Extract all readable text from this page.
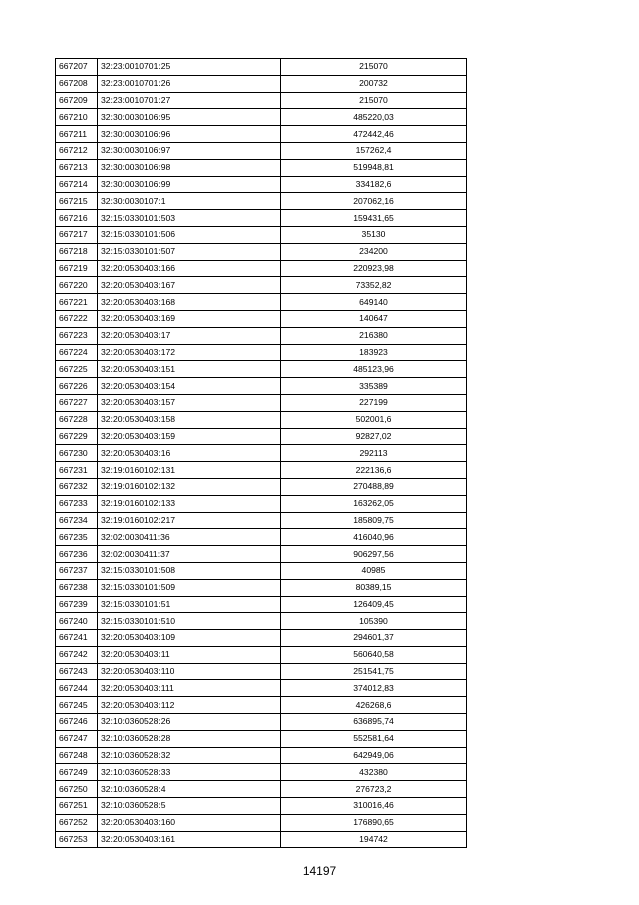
667207	32:23:0010701:25	215070
667208	32:23:0010701:26	200732
667209	32:23:0010701:27	215070
667210	32:30:0030106:95	485220,03
667211	32:30:0030106:96	472442,46
667212	32:30:0030106:97	157262,4
667213	32:30:0030106:98	519948,81
667214	32:30:0030106:99	334182,6
667215	32:30:0030107:1	207062,16
667216	32:15:0330101:503	159431,65
667217	32:15:0330101:506	35130
667218	32:15:0330101:507	234200
667219	32:20:0530403:166	220923,98
667220	32:20:0530403:167	73352,82
667221	32:20:0530403:168	649140
667222	32:20:0530403:169	140647
667223	32:20:0530403:17	216380
667224	32:20:0530403:172	183923
667225	32:20:0530403:151	485123,96
667226	32:20:0530403:154	335389
667227	32:20:0530403:157	227199
667228	32:20:0530403:158	502001,6
667229	32:20:0530403:159	92827,02
667230	32:20:0530403:16	292113
667231	32:19:0160102:131	222136,6
667232	32:19:0160102:132	270488,89
667233	32:19:0160102:133	163262,05
667234	32:19:0160102:217	185809,75
667235	32:02:0030411:36	416040,96
667236	32:02:0030411:37	906297,56
667237	32:15:0330101:508	40985
667238	32:15:0330101:509	80389,15
667239	32:15:0330101:51	126409,45
667240	32:15:0330101:510	105390
667241	32:20:0530403:109	294601,37
667242	32:20:0530403:11	560640,58
667243	32:20:0530403:110	251541,75
667244	32:20:0530403:111	374012,83
667245	32:20:0530403:112	426268,6
667246	32:10:0360528:26	636895,74
667247	32:10:0360528:28	552581,64
667248	32:10:0360528:32	642949,06
667249	32:10:0360528:33	432380
667250	32:10:0360528:4	276723,2
667251	32:10:0360528:5	310016,46
667252	32:20:0530403:160	176890,65
667253	32:20:0530403:161	194742
14197
